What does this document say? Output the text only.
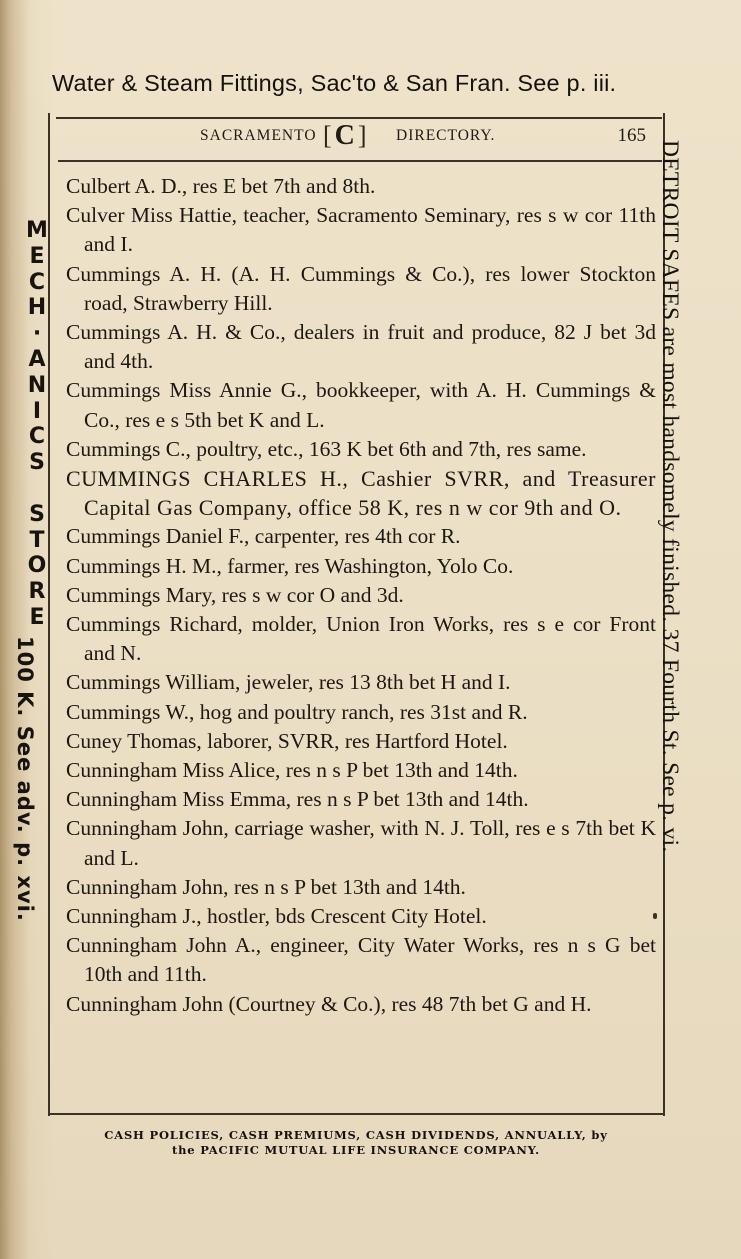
Water & Steam Fittings, Sac'to & San Fran. See p. iii.
SACRAMENTO [ C ] DIRECTORY.	165

Culbert A. D., res E bet 7th and 8th.

Culver Miss Hattie, teacher, Sacramento Seminary, res s w cor 11th and I.

Cummings A. H. (A. H. Cummings & Co.), res lower Stockton road, Strawberry Hill.

Cummings A. H. & Co., dealers in fruit and produce, 82 J bet 3d and 4th.

Cummings Miss Annie G., bookkeeper, with A. H. Cummings & Co., res e s 5th bet K and L.

Cummings C., poultry, etc., 163 K bet 6th and 7th, res same.

CUMMINGS CHARLES H., Cashier SVRR, and Treasurer Capital Gas Company, office 58 K, res n w cor 9th and O.

Cummings Daniel F., carpenter, res 4th cor R.

Cummings H. M., farmer, res Washington, Yolo Co.

Cummings Mary, res s w cor O and 3d.

Cummings Richard, molder, Union Iron Works, res s e cor Front and N.

Cummings William, jeweler, res 13 8th bet H and I.

Cummings W., hog and poultry ranch, res 31st and R.

Cuney Thomas, laborer, SVRR, res Hartford Hotel.

Cunningham Miss Alice, res n s P bet 13th and 14th.

Cunningham Miss Emma, res n s P bet 13th and 14th.

Cunningham John, carriage washer, with N. J. Toll, res e s 7th bet K and L.

Cunningham John, res n s P bet 13th and 14th.

Cunningham J., hostler, bds Crescent City Hotel.

Cunningham John A., engineer, City Water Works, res n s G bet 10th and 11th.

Cunningham John (Courtney & Co.), res 48 7th bet G and H.

CASH POLICIES, CASH PREMIUMS, CASH DIVIDENDS, ANNUALLY, by
the PACIFIC MUTUAL LIFE INSURANCE COMPANY.
M
E
C
H
·
A
N
I
C
S
S
T
O
R
E
100 K. See adv. p. xvi.	DETROIT SAFES are most handsomely finished. 37 Fourth St. See p. vi.
